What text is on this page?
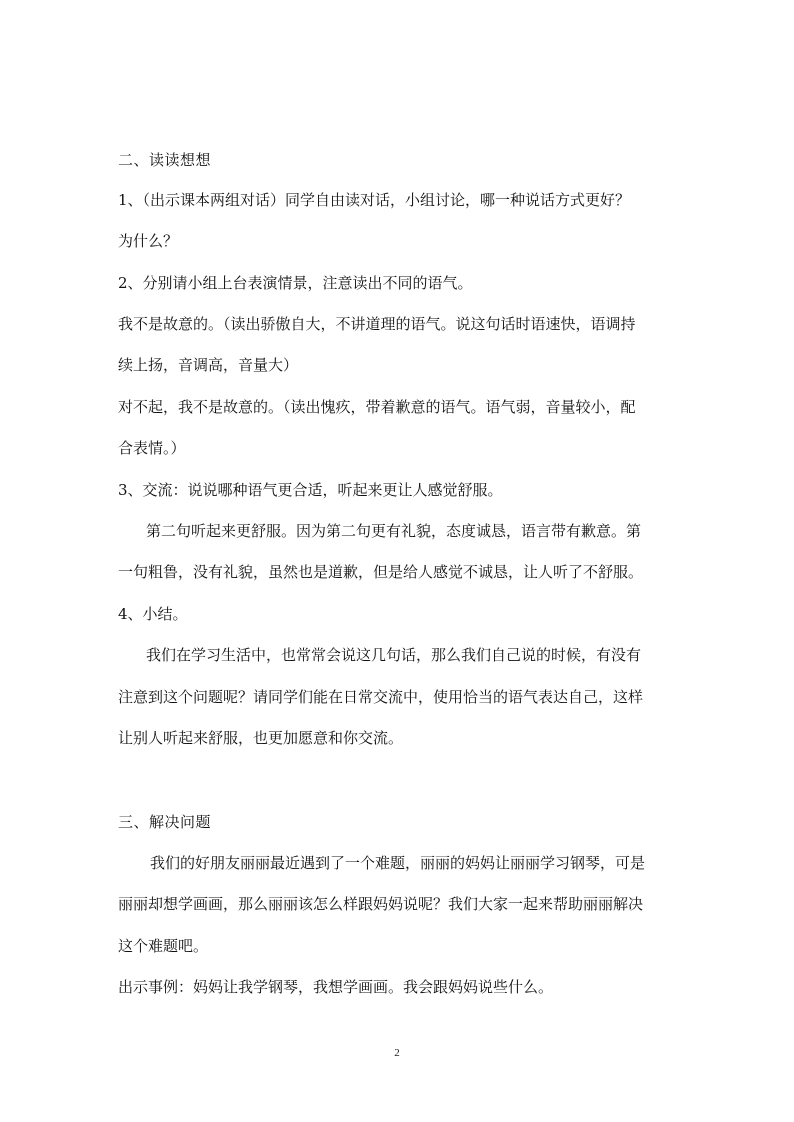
二、读读想想
1、（出示课本两组对话）同学自由读对话，小组讨论，哪一种说话方式更好？
为什么？
2、分别请小组上台表演情景，注意读出不同的语气。
我不是故意的。（读出骄傲自大，不讲道理的语气。说这句话时语速快，语调持
续上扬，音调高，音量大）
对不起，我不是故意的。（读出愧疚，带着歉意的语气。语气弱，音量较小，配
合表情。）
3、交流：说说哪种语气更合适，听起来更让人感觉舒服。
第二句听起来更舒服。因为第二句更有礼貌，态度诚恳，语言带有歉意。第
一句粗鲁，没有礼貌，虽然也是道歉，但是给人感觉不诚恳，让人听了不舒服。
4、小结。
我们在学习生活中，也常常会说这几句话，那么我们自己说的时候，有没有
注意到这个问题呢？请同学们能在日常交流中，使用恰当的语气表达自己，这样
让别人听起来舒服，也更加愿意和你交流。
三、解决问题
我们的好朋友丽丽最近遇到了一个难题，丽丽的妈妈让丽丽学习钢琴，可是
丽丽却想学画画，那么丽丽该怎么样跟妈妈说呢？我们大家一起来帮助丽丽解决
这个难题吧。
出示事例：妈妈让我学钢琴，我想学画画。我会跟妈妈说些什么。
2
